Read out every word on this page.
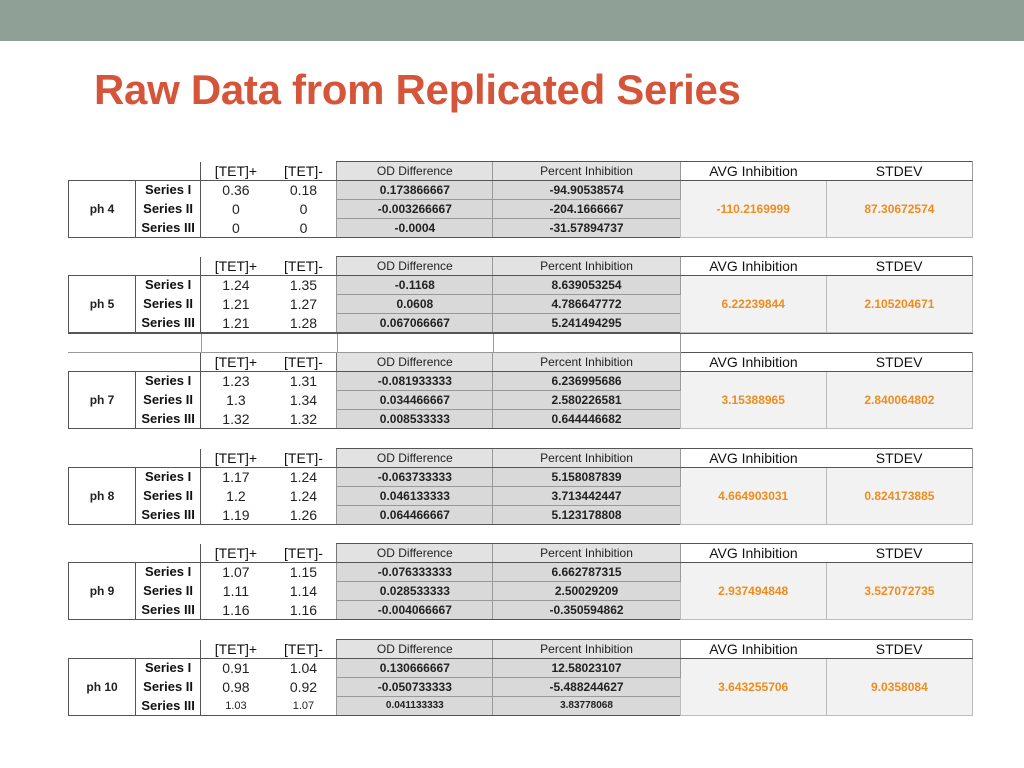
Raw Data from Replicated Series
		[TET]+	[TET]-	OD Difference	Percent Inhibition	AVG Inhibition	STDEV
ph 4	Series I	0.36	0.18	0.173866667	-94.90538574	-110.2169999	87.30672574
	Series II	0	0	-0.003266667	-204.1666667		
	Series III	0	0	-0.0004	-31.57894737		
		[TET]+	[TET]-	OD Difference	Percent Inhibition	AVG Inhibition	STDEV
ph 5	Series I	1.24	1.35	-0.1168	8.639053254	6.22239844	2.105204671
	Series II	1.21	1.27	0.0608	4.786647772		
	Series III	1.21	1.28	0.067066667	5.241494295		
		[TET]+	[TET]-	OD Difference	Percent Inhibition	AVG Inhibition	STDEV
ph 7	Series I	1.23	1.31	-0.081933333	6.236995686	3.15388965	2.840064802
	Series II	1.3	1.34	0.034466667	2.580226581		
	Series III	1.32	1.32	0.008533333	0.644446682		
		[TET]+	[TET]-	OD Difference	Percent Inhibition	AVG Inhibition	STDEV
ph 8	Series I	1.17	1.24	-0.063733333	5.158087839	4.664903031	0.824173885
	Series II	1.2	1.24	0.046133333	3.713442447		
	Series III	1.19	1.26	0.064466667	5.123178808		
		[TET]+	[TET]-	OD Difference	Percent Inhibition	AVG Inhibition	STDEV
ph 9	Series I	1.07	1.15	-0.076333333	6.662787315	2.937494848	3.527072735
	Series II	1.11	1.14	0.028533333	2.50029209		
	Series III	1.16	1.16	-0.004066667	-0.350594862		
		[TET]+	[TET]-	OD Difference	Percent Inhibition	AVG Inhibition	STDEV
ph 10	Series I	0.91	1.04	0.130666667	12.58023107	3.643255706	9.0358084
	Series II	0.98	0.92	-0.050733333	-5.488244627		
	Series III	1.03	1.07	0.041133333	3.83778068		
